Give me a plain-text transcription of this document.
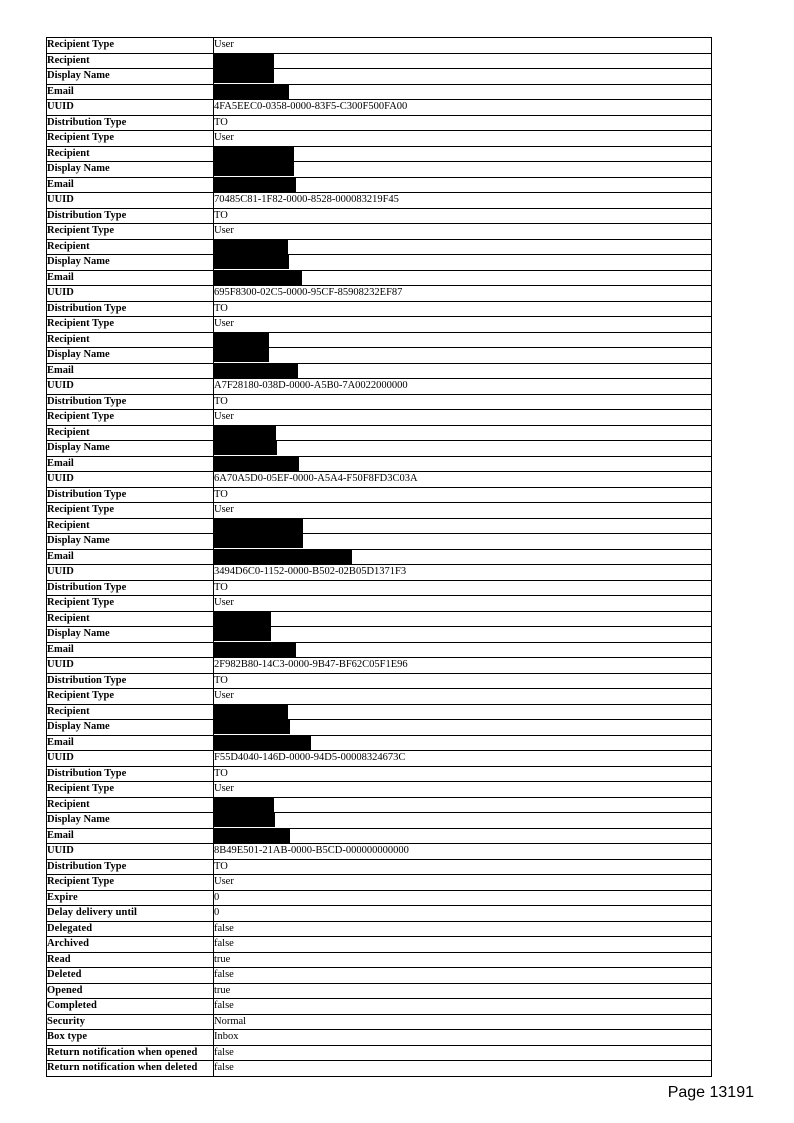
Recipient Type	User
Recipient	
Display Name	
Email	
UUID	4FA5EEC0-0358-0000-83F5-C300F500FA00
Distribution Type	TO
Recipient Type	User
Recipient	
Display Name	
Email	
UUID	70485C81-1F82-0000-8528-000083219F45
Distribution Type	TO
Recipient Type	User
Recipient	
Display Name	
Email	
UUID	695F8300-02C5-0000-95CF-85908232EF87
Distribution Type	TO
Recipient Type	User
Recipient	
Display Name	
Email	
UUID	A7F28180-038D-0000-A5B0-7A0022000000
Distribution Type	TO
Recipient Type	User
Recipient	
Display Name	
Email	
UUID	6A70A5D0-05EF-0000-A5A4-F50F8FD3C03A
Distribution Type	TO
Recipient Type	User
Recipient	
Display Name	
Email	
UUID	3494D6C0-1152-0000-B502-02B05D1371F3
Distribution Type	TO
Recipient Type	User
Recipient	
Display Name	
Email	
UUID	2F982B80-14C3-0000-9B47-BF62C05F1E96
Distribution Type	TO
Recipient Type	User
Recipient	
Display Name	
Email	
UUID	F55D4040-146D-0000-94D5-00008324673C
Distribution Type	TO
Recipient Type	User
Recipient	
Display Name	
Email	
UUID	8B49E501-21AB-0000-B5CD-000000000000
Distribution Type	TO
Recipient Type	User
Expire	0
Delay delivery until	0
Delegated	false
Archived	false
Read	true
Deleted	false
Opened	true
Completed	false
Security	Normal
Box type	Inbox
Return notification when opened	false
Return notification when deleted	false
Page 13191
